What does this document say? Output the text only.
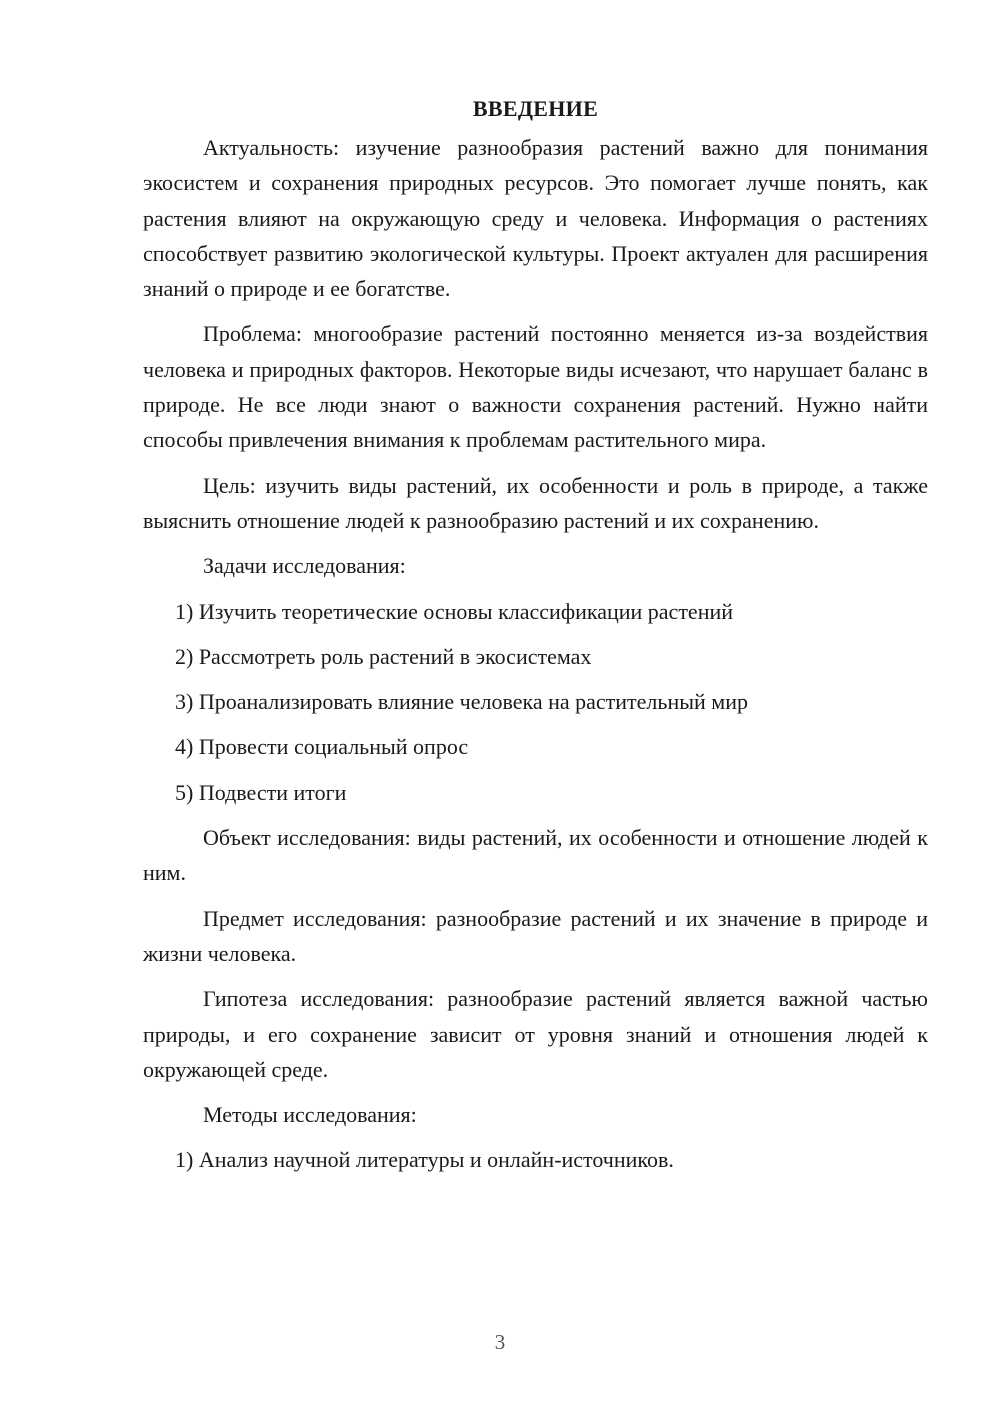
ВВЕДЕНИЕ

Актуальность: изучение разнообразия растений важно для понимания экосистем и сохранения природных ресурсов. Это помогает лучше понять, как растения влияют на окружающую среду и человека. Информация о растениях способствует развитию экологической культуры. Проект актуален для расширения знаний о природе и ее богатстве.

Проблема: многообразие растений постоянно меняется из-за воздействия человека и природных факторов. Некоторые виды исчезают, что нарушает баланс в природе. Не все люди знают о важности сохранения растений. Нужно найти способы привлечения внимания к проблемам растительного мира.

Цель: изучить виды растений, их особенности и роль в природе, а также выяснить отношение людей к разнообразию растений и их сохранению.

Задачи исследования:

1) Изучить теоретические основы классификации растений
2) Рассмотреть роль растений в экосистемах
3) Проанализировать влияние человека на растительный мир
4) Провести социальный опрос
5) Подвести итоги

Объект исследования: виды растений, их особенности и отношение людей к ним.

Предмет исследования: разнообразие растений и их значение в природе и жизни человека.

Гипотеза исследования: разнообразие растений является важной частью природы, и его сохранение зависит от уровня знаний и отношения людей к окружающей среде.

Методы исследования:

1) Анализ научной литературы и онлайн-источников.
3
